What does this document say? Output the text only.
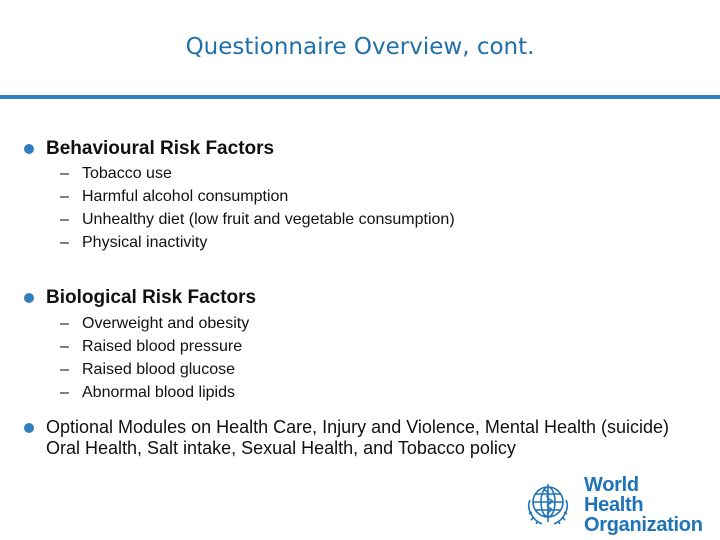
Questionnaire Overview, cont.
Behavioural Risk Factors
– Tobacco use
– Harmful alcohol consumption
– Unhealthy diet (low fruit and vegetable consumption)
– Physical inactivity
Biological Risk Factors
– Overweight and obesity
– Raised blood pressure
– Raised blood glucose
– Abnormal blood lipids
Optional Modules on Health Care, Injury and Violence, Mental Health (suicide) Oral Health, Salt intake, Sexual Health, and Tobacco policy
World Health
Organization
